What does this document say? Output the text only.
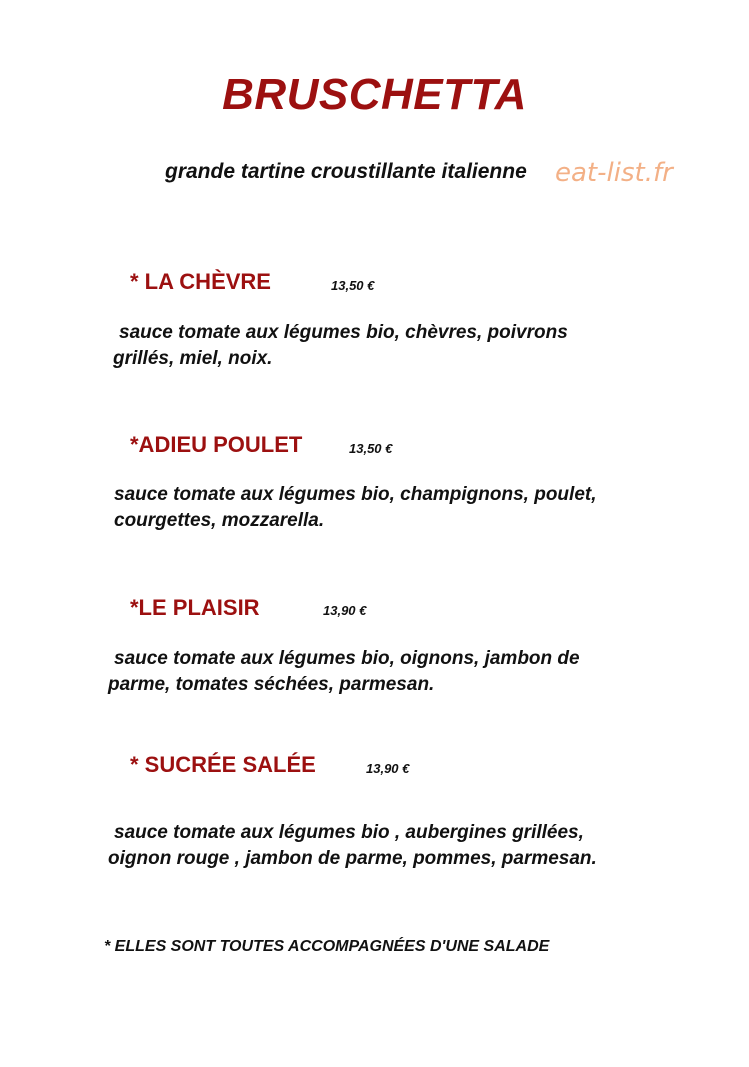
BRUSCHETTA
grande tartine croustillante italienne eat-list.fr
* LA CHÈVRE	13,50 €
sauce tomate aux légumes bio, chèvres, poivrons
grillés, miel, noix.
*ADIEU POULET	13,50 €
sauce tomate aux légumes bio, champignons, poulet,
courgettes, mozzarella.
*LE PLAISIR	13,90 €
sauce tomate aux légumes bio, oignons, jambon de
parme, tomates séchées, parmesan.
* SUCRÉE SALÉE	13,90 €
sauce tomate aux légumes bio , aubergines grillées,
oignon rouge , jambon de parme, pommes, parmesan.
* ELLES SONT TOUTES ACCOMPAGNÉES D'UNE SALADE
